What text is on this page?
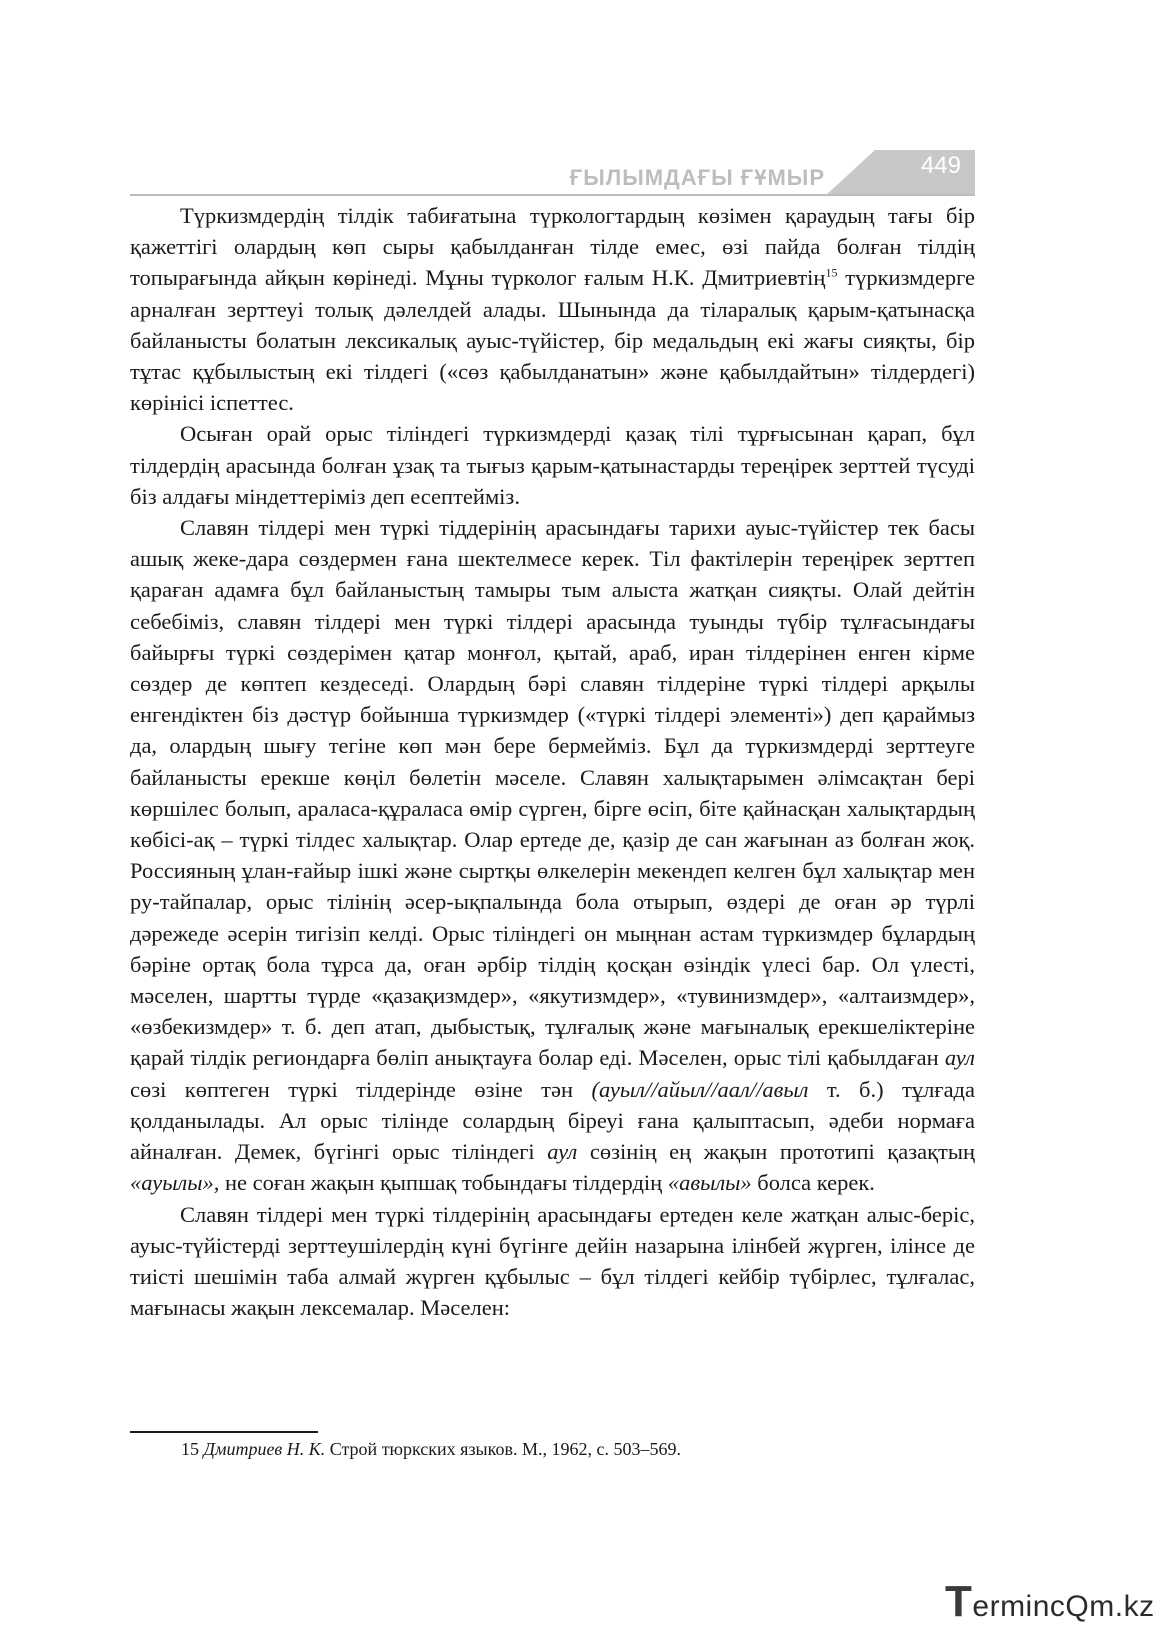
ҒЫЛЫМДАҒЫ ҒҰМЫР	449

Түркизмдердің тілдік табиғатына түркологтардың көзімен қараудың тағы бір қажеттігі олардың көп сыры қабылданған тілде емес, өзі пайда болған тілдің топырағында айқын көрінеді. Мұны түрколог ғалым Н.К. Дмитриевтің$^{15}$ түркизмдерге арналған зерттеуі толық дәлелдей алады. Шынында да тіларалық қарым-қатынасқа байланысты болатын лексикалық ауыс-түйістер, бір медальдың екі жағы сияқты, бір тұтас құбылыстың екі тілдегі («сөз қабылданатын» және қабылдайтын» тілдердегі) көрінісі іспеттес.

Осыған орай орыс тіліндегі түркизмдерді қазақ тілі тұрғысынан қарап, бұл тілдердің арасында болған ұзақ та тығыз қарым-қатынастарды тереңірек зерттей түсуді біз алдағы міндеттеріміз деп есептейміз.

Славян тілдері мен түркі тіддерінің арасындағы тарихи ауыс-түйістер тек басы ашық жеке-дара сөздермен ғана шектелмесе керек. Тіл фактілерін тереңірек зерттеп қараған адамға бұл байланыстың тамыры тым алыста жатқан сияқты. Олай дейтін себебіміз, славян тілдері мен түркі тілдері арасында туынды түбір тұлғасындағы байырғы түркі сөздерімен қатар монғол, қытай, араб, иран тілдерінен енген кірме сөздер де көптеп кездеседі. Олардың бәрі славян тілдеріне түркі тілдері арқылы енгендіктен біз дәстүр бойынша түркизмдер («түркі тілдері элементі») деп қараймыз да, олардың шығу тегіне көп мән бере бермейміз. Бұл да түркизмдерді зерттеуге байланысты ерекше көңіл бөлетін мәселе. Славян халықтарымен әлімсақтан бері көршілес болып, араласа-құраласа өмір сүрген, бірге өсіп, біте қайнасқан халықтардың көбісі-ақ – түркі тілдес халықтар. Олар ертеде де, қазір де сан жағынан аз болған жоқ. Россияның ұлан-ғайыр ішкі және сыртқы өлкелерін мекендеп келген бұл халықтар мен ру-тайпалар, орыс тілінің әсер-ықпалында бола отырып, өздері де оған әр түрлі дәрежеде әсерін тигізіп келді. Орыс тіліндегі он мыңнан астам түркизмдер бұлардың бәріне ортақ бола тұрса да, оған әрбір тілдің қосқан өзіндік үлесі бар. Ол үлесті, мәселен, шартты түрде «қазақизмдер», «якутизмдер», «тувинизмдер», «алтаизмдер», «өзбекизмдер» т. б. деп атап, дыбыстық, тұлғалық және мағыналық ерекшеліктеріне қарай тілдік региондарға бөліп анықтауға болар еді. Мәселен, орыс тілі қабылдаған аул сөзі көптеген түркі тілдерінде өзіне тән (ауыл//айыл//аал//авыл т. б.) тұлғада қолданылады. Ал орыс тілінде солардың біреуі ғана қалыптасып, әдеби нормаға айналған. Демек, бүгінгі орыс тіліндегі аул сөзінің ең жақын прототипі қазақтың «ауылы», не соған жақын қыпшақ тобындағы тілдердің «авылы» болса керек.

Славян тілдері мен түркі тілдерінің арасындағы ертеден келе жатқан алыс-беріс, ауыс-түйістерді зерттеушілердің күні бүгінге дейін назарына ілінбей жүрген, ілінсе де тиісті шешімін таба алмай жүрген құбылыс – бұл тілдегі кейбір түбірлес, тұлғалас, мағынасы жақын лексемалар. Мәселен:

15 Дмитриев Н. К. Строй тюркских языков. М., 1962, с. 503–569.
TermincQm.kz
